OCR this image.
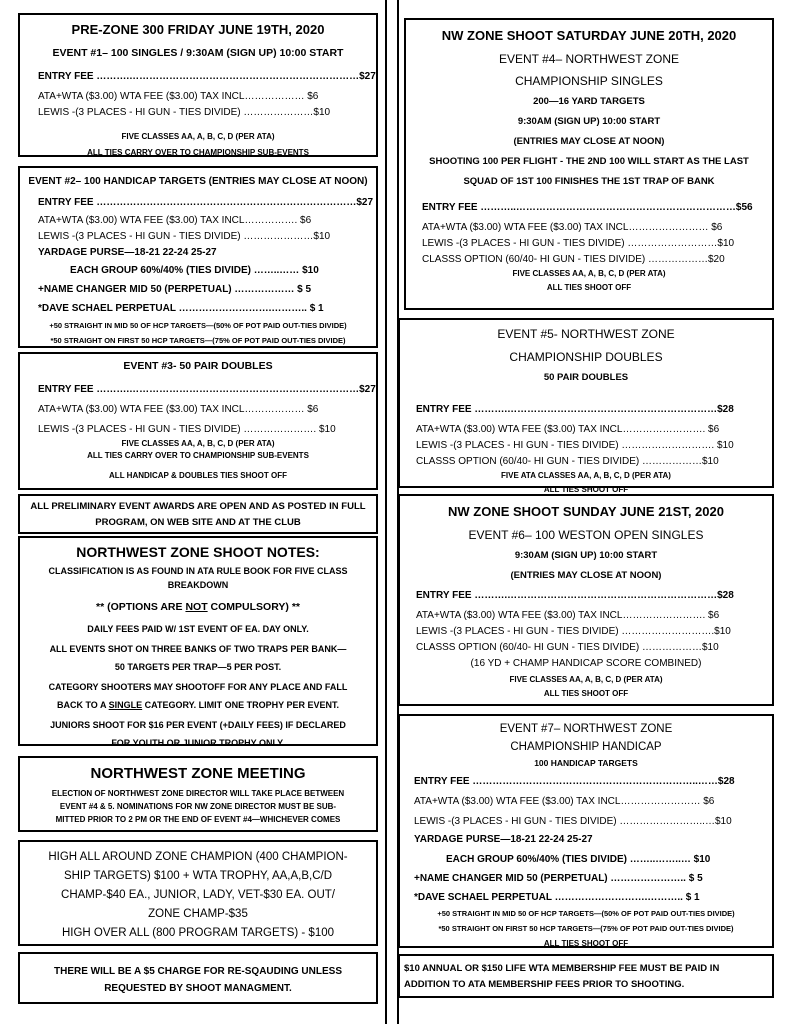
PRE-ZONE 300 FRIDAY JUNE 19TH, 2020
EVENT #1– 100 SINGLES / 9:30AM (SIGN UP) 10:00 START
ENTRY FEE ……….……………………………………………………………$27
ATA+WTA ($3.00) WTA FEE ($3.00) TAX INCL……………… $6
LEWIS -(3 PLACES - HI GUN - TIES DIVIDE) …………………$10
FIVE CLASSES AA, A, B, C, D (PER ATA)
ALL TIES CARRY OVER TO CHAMPIONSHIP SUB-EVENTS
EVENT #2– 100 HANDICAP TARGETS (ENTRIES MAY CLOSE AT NOON)
ENTRY FEE ……………………………………………………………………$27
ATA+WTA ($3.00) WTA FEE ($3.00) TAX INCL……………. $6
LEWIS -(3 PLACES - HI GUN - TIES DIVIDE) …………………$10
YARDAGE PURSE—18-21 22-24 25-27
EACH GROUP 60%/40% (TIES DIVIDE) ……..…… $10
+NAME CHANGER MID 50 (PERPETUAL) ……………… $ 5
*DAVE SCHAEL PERPETUAL ……………………….……….. $ 1
+50 STRAIGHT IN MID 50 OF HCP TARGETS—(50% OF POT PAID OUT-TIES DIVIDE)
*50 STRAIGHT ON FIRST 50 HCP TARGETS—(75% OF POT PAID OUT-TIES DIVIDE)
EVENT #3- 50 PAIR DOUBLES
ENTRY FEE ……….……………………………………………………………$27
ATA+WTA ($3.00) WTA FEE ($3.00) TAX INCL……………… $6
LEWIS -(3 PLACES - HI GUN - TIES DIVIDE) …………………. $10
FIVE CLASSES AA, A, B, C, D (PER ATA)
ALL TIES CARRY OVER TO CHAMPIONSHIP SUB-EVENTS
ALL HANDICAP & DOUBLES TIES SHOOT OFF
ALL PRELIMINARY EVENT AWARDS ARE OPEN AND AS POSTED IN FULL
PROGRAM, ON WEB SITE AND AT THE CLUB
NORTHWEST ZONE SHOOT NOTES:
CLASSIFICATION IS AS FOUND IN ATA RULE BOOK FOR FIVE CLASS
BREAKDOWN
** (OPTIONS ARE NOT COMPULSORY) **
DAILY FEES PAID W/ 1ST EVENT OF EA. DAY ONLY.
ALL EVENTS SHOT ON THREE BANKS OF TWO TRAPS PER BANK—
50 TARGETS PER TRAP—5 PER POST.
CATEGORY SHOOTERS MAY SHOOTOFF FOR ANY PLACE AND FALL
BACK TO A SINGLE CATEGORY. LIMIT ONE TROPHY PER EVENT.
JUNIORS SHOOT FOR $16 PER EVENT (+DAILY FEES) IF DECLARED
FOR YOUTH OR JUNIOR TROPHY ONLY.
NORTHWEST ZONE MEETING
ELECTION OF NORTHWEST ZONE DIRECTOR WILL TAKE PLACE BETWEEN
EVENT #4 & 5. NOMINATIONS FOR NW ZONE DIRECTOR MUST BE SUB-
MITTED PRIOR TO 2 PM OR THE END OF EVENT #4—WHICHEVER COMES
HIGH ALL AROUND ZONE CHAMPION (400 CHAMPION-
SHIP TARGETS) $100 + WTA TROPHY, AA,A,B,C/D
CHAMP-$40 EA., JUNIOR, LADY, VET-$30 EA. OUT/
ZONE CHAMP-$35
HIGH OVER ALL (800 PROGRAM TARGETS) - $100
THERE WILL BE A $5 CHARGE FOR RE-SQAUDING UNLESS
REQUESTED BY SHOOT MANAGMENT.
NW ZONE SHOOT SATURDAY JUNE 20TH, 2020
EVENT #4– NORTHWEST ZONE
CHAMPIONSHIP SINGLES
200—16 YARD TARGETS
9:30AM (SIGN UP) 10:00 START
(ENTRIES MAY CLOSE AT NOON)
SHOOTING 100 PER FLIGHT - THE 2ND 100 WILL START AS THE LAST
SQUAD OF 1ST 100 FINISHES THE 1ST TRAP OF BANK
ENTRY FEE ………..…………………………………………………………$56
ATA+WTA ($3.00) WTA FEE ($3.00) TAX INCL…………………… $6
LEWIS -(3 PLACES - HI GUN - TIES DIVIDE) ………………………$10
CLASSS OPTION (60/40- HI GUN - TIES DIVIDE) ………………$20
FIVE CLASSES AA, A, B, C, D (PER ATA)
ALL TIES SHOOT OFF
EVENT #5- NORTHWEST ZONE
CHAMPIONSHIP DOUBLES
50 PAIR DOUBLES
ENTRY FEE ……….………………………………………………………$28
ATA+WTA ($3.00) WTA FEE ($3.00) TAX INCL……………………. $6
LEWIS -(3 PLACES - HI GUN - TIES DIVIDE) ………………………. $10
CLASSS OPTION (60/40- HI GUN - TIES DIVIDE) ………………$10
FIVE ATA CLASSES AA, A, B, C, D (PER ATA)
ALL TIES SHOOT OFF
NW ZONE SHOOT SUNDAY JUNE 21ST, 2020
EVENT #6– 100 WESTON OPEN SINGLES
9:30AM (SIGN UP) 10:00 START
(ENTRIES MAY CLOSE AT NOON)
ENTRY FEE ……….………………………………………………………$28
ATA+WTA ($3.00) WTA FEE ($3.00) TAX INCL……………………. $6
LEWIS -(3 PLACES - HI GUN - TIES DIVIDE) ……………………….$10
CLASSS OPTION (60/40- HI GUN - TIES DIVIDE) ………………$10
(16 YD + CHAMP HANDICAP SCORE COMBINED)
FIVE CLASSES AA, A, B, C, D (PER ATA)
ALL TIES SHOOT OFF
EVENT #7– NORTHWEST ZONE
CHAMPIONSHIP HANDICAP
100 HANDICAP TARGETS
ENTRY FEE …………………………………………………………..……$28
ATA+WTA ($3.00) WTA FEE ($3.00) TAX INCL…………………… $6
LEWIS -(3 PLACES - HI GUN - TIES DIVIDE) ……………………..…$10
YARDAGE PURSE—18-21 22-24 25-27
EACH GROUP 60%/40% (TIES DIVIDE) ……..……..… $10
+NAME CHANGER MID 50 (PERPETUAL) ………………….. $ 5
*DAVE SCHAEL PERPETUAL ……………………….……….. $ 1
+50 STRAIGHT IN MID 50 OF HCP TARGETS—(50% OF POT PAID OUT-TIES DIVIDE)
*50 STRAIGHT ON FIRST 50 HCP TARGETS—(75% OF POT PAID OUT-TIES DIVIDE)
ALL TIES SHOOT OFF
$10 ANNUAL OR $150 LIFE WTA MEMBERSHIP FEE MUST BE PAID IN
ADDITION TO ATA MEMBERSHIP FEES PRIOR TO SHOOTING.
